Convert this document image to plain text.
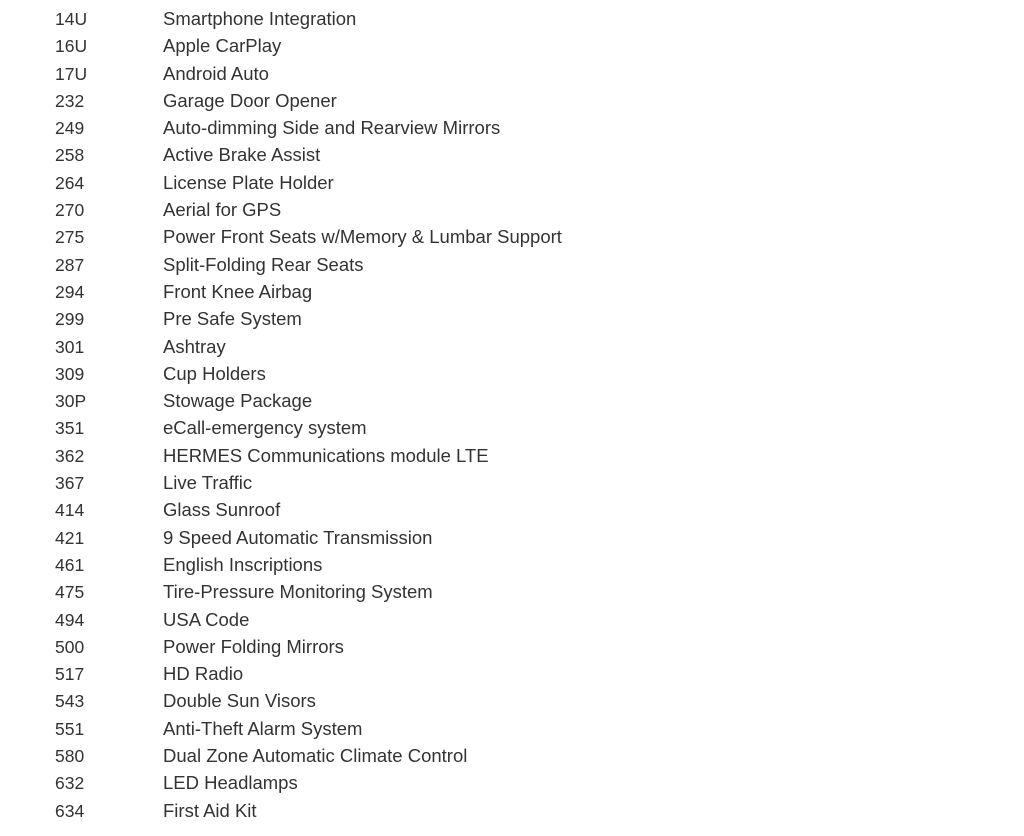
14U	Smartphone Integration
16U	Apple CarPlay
17U	Android Auto
232	Garage Door Opener
249	Auto-dimming Side and Rearview Mirrors
258	Active Brake Assist
264	License Plate Holder
270	Aerial for GPS
275	Power Front Seats w/Memory & Lumbar Support
287	Split-Folding Rear Seats
294	Front Knee Airbag
299	Pre Safe System
301	Ashtray
309	Cup Holders
30P	Stowage Package
351	eCall-emergency system
362	HERMES Communications module LTE
367	Live Traffic
414	Glass Sunroof
421	9 Speed Automatic Transmission
461	English Inscriptions
475	Tire-Pressure Monitoring System
494	USA Code
500	Power Folding Mirrors
517	HD Radio
543	Double Sun Visors
551	Anti-Theft Alarm System
580	Dual Zone Automatic Climate Control
632	LED Headlamps
634	First Aid Kit
